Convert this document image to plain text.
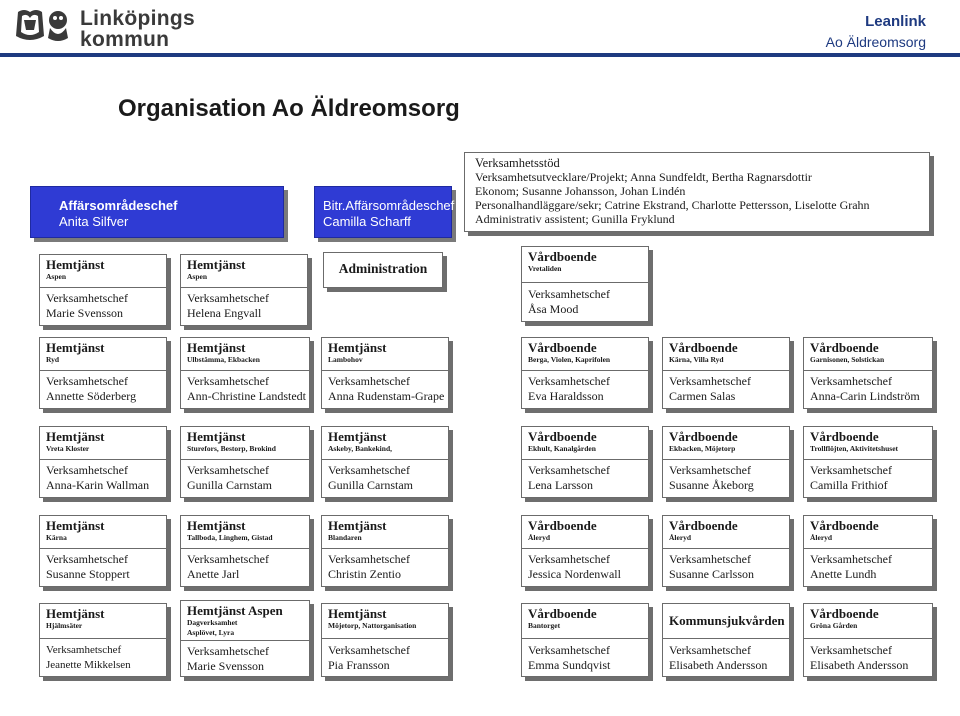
Linköpings
kommun
Leanlink
Ao Äldreomsorg
Organisation Ao Äldreomsorg
Affärsområdeschef
Anita Silfver
Bitr.Affärsområdeschef
Camilla Scharff
Verksamhetsstöd
Verksamhetsutvecklare/Projekt; Anna Sundfeldt, Bertha Ragnarsdottir
Ekonom; Susanne Johansson, Johan Lindén
Personalhandläggare/sekr; Catrine Ekstrand, Charlotte Pettersson, Liselotte Grahn
Administrativ assistent; Gunilla Fryklund
Hemtjänst
Aspen
Verksamhetschef
Marie Svensson
Hemtjänst
Aspen
Verksamhetschef
Helena Engvall
Administration
Vårdboende
Vretaliden
Verksamhetschef
Åsa Mood
Hemtjänst
Ryd
Verksamhetschef
Annette Söderberg
Hemtjänst
Ulbstämma, Ekbacken
Verksamhetschef
Ann-Christine Landstedt
Hemtjänst
Lambohov
Verksamhetschef
Anna Rudenstam-Grape
Vårdboende
Berga, Violen, Kaprifolen
Verksamhetschef
Eva Haraldsson
Vårdboende
Kärna, Villa Ryd
Verksamhetschef
Carmen Salas
Vårdboende
Garnisonen, Solstickan
Verksamhetschef
Anna-Carin Lindström
Hemtjänst
Vreta Kloster
Verksamhetschef
Anna-Karin Wallman
Hemtjänst
Sturefors, Bestorp, Brokind
Verksamhetschef
Gunilla Carnstam
Hemtjänst
Askeby, Bankekind,
Verksamhetschef
Gunilla Carnstam
Vårdboende
Ekhult, Kanalgården
Verksamhetschef
Lena Larsson
Vårdboende
Ekbacken, Möjetorp
Verksamhetschef
Susanne Åkeborg
Vårdboende
Trollflöjten, Aktivitetshuset
Verksamhetschef
Camilla Frithiof
Hemtjänst
Kärna
Verksamhetschef
Susanne Stoppert
Hemtjänst
Tallboda, Linghem, Gistad
Verksamhetschef
Anette Jarl
Hemtjänst
Blandaren
Verksamhetschef
Christin Zentio
Vårdboende
Åleryd
Verksamhetschef
Jessica Nordenwall
Vårdboende
Åleryd
Verksamhetschef
Susanne Carlsson
Vårdboende
Åleryd
Verksamhetschef
Anette Lundh
Hemtjänst
Hjälmsäter
Verksamhetschef
Jeanette Mikkelsen
Hemtjänst Aspen
Dagverksamhet
Asplövet, Lyra
Verksamhetschef
Marie Svensson
Hemtjänst
Möjetorp, Nattorganisation
Verksamhetschef
Pia Fransson
Vårdboende
Bantorget
Verksamhetschef
Emma Sundqvist
Kommunsjukvården
Verksamhetschef
Elisabeth Andersson
Vårdboende
Gröna Gården
Verksamhetschef
Elisabeth Andersson
